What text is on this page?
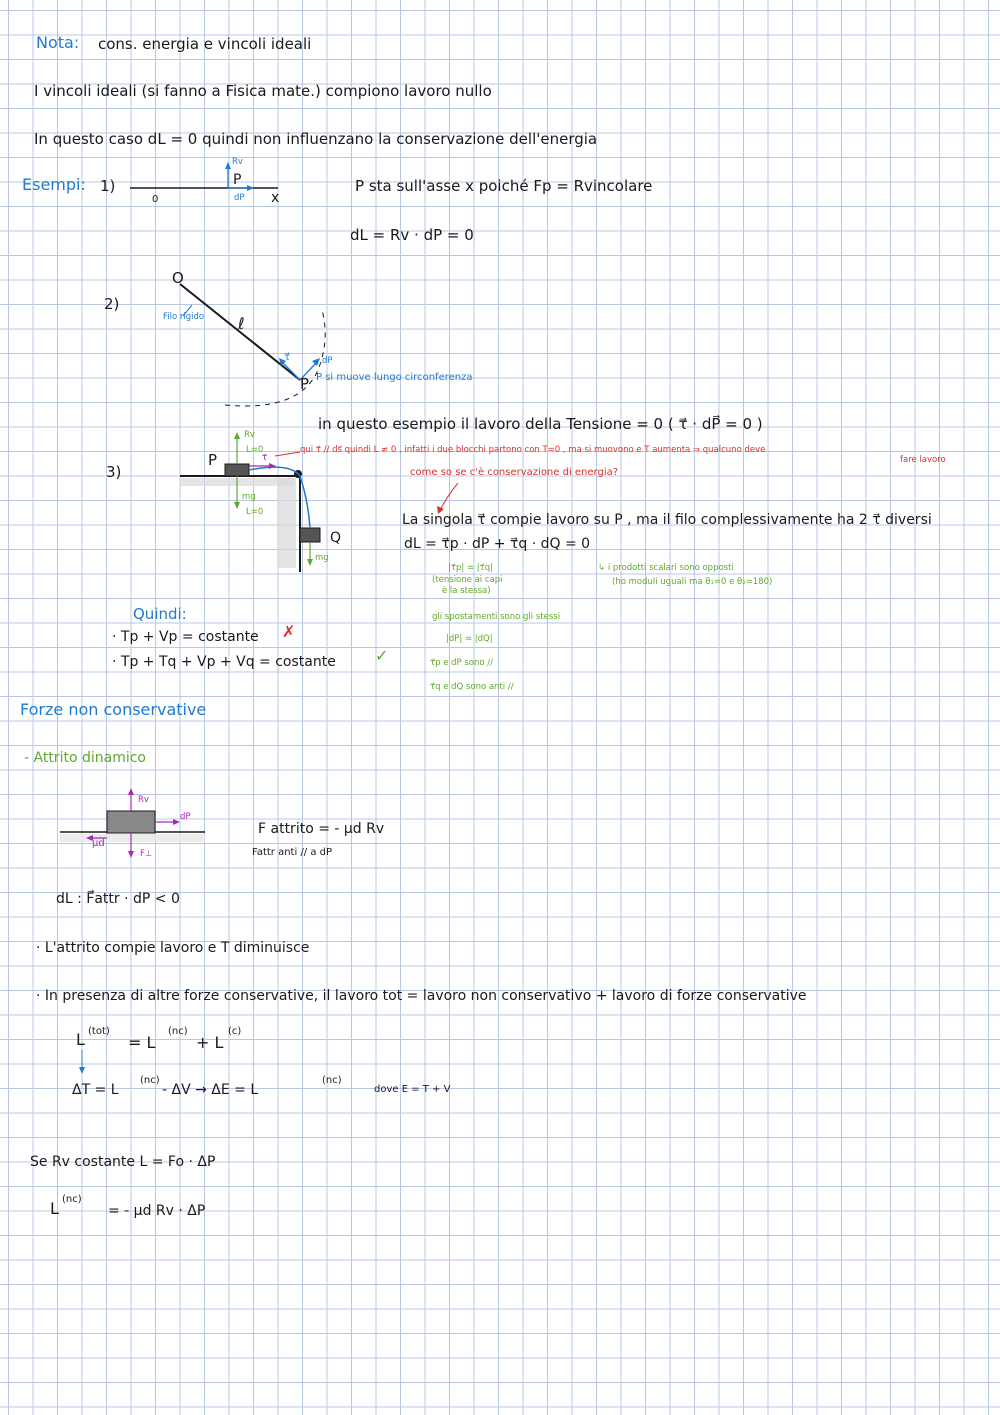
Nota: cons. energia e vincoli ideali
I vincoli ideali (si fanno a Fisica mate.) compiono lavoro nullo
In questo caso dL = 0 quindi non influenzano la conservazione dell'energia
Esempi: 1)
0
P
x
Rv
dP
P sta sull'asse x poiché Fp = Rvincolare
dL = Rv · dP = 0
2)
O
Filo rigido ℓ
τ⃗	dP
P P si muove lungo circonferenza
in questo esempio il lavoro della Tensione = 0 ( τ⃗ · dP⃗ = 0 )
3)
P
Q
Rv
L=0
mg
L=0
τ⃗
mg
qui τ⃗ // ds⃗ quindi L ≠ 0 , infatti i due blocchi partono con T=0 , ma si muovono e T aumenta ⇒ qualcuno deve
fare lavoro
come so se c'è conservazione di energia?
La singola τ⃗ compie lavoro su P , ma il filo complessivamente ha 2 τ⃗ diversi
dL = τ⃗p · dP + τ⃗q · dQ = 0
|τ⃗p| = |τ⃗q|
(tensione ai capi
è la stessa)
↳ i prodotti scalari sono opposti
(ho moduli uguali ma θ₁=0 e θ₂=180)
gli spostamenti sono gli stessi
|dP| = |dQ|
τ⃗p e dP sono //
τ⃗q e dQ sono anti //
Quindi:
· Tp + Vp = costante ✗
· Tp + Tq + Vp + Vq = costante ✓
Forze non conservative
- Attrito dinamico
Rv
dP
μd
F⊥
F attrito = - μd Rv
Fattr anti // a dP
dL : F⃗attr · dP < 0
· L'attrito compie lavoro e T diminuisce
· In presenza di altre forze conservative, il lavoro tot = lavoro non conservativo + lavoro di forze conservative
L (tot)
= L
(nc)
+ L
(c)
ΔT = L
(nc)
- ΔV → ΔE = L
(nc)
dove E = T + V
Se Rv costante L = Fo · ΔP
L (nc)
= - μd Rv · ΔP
